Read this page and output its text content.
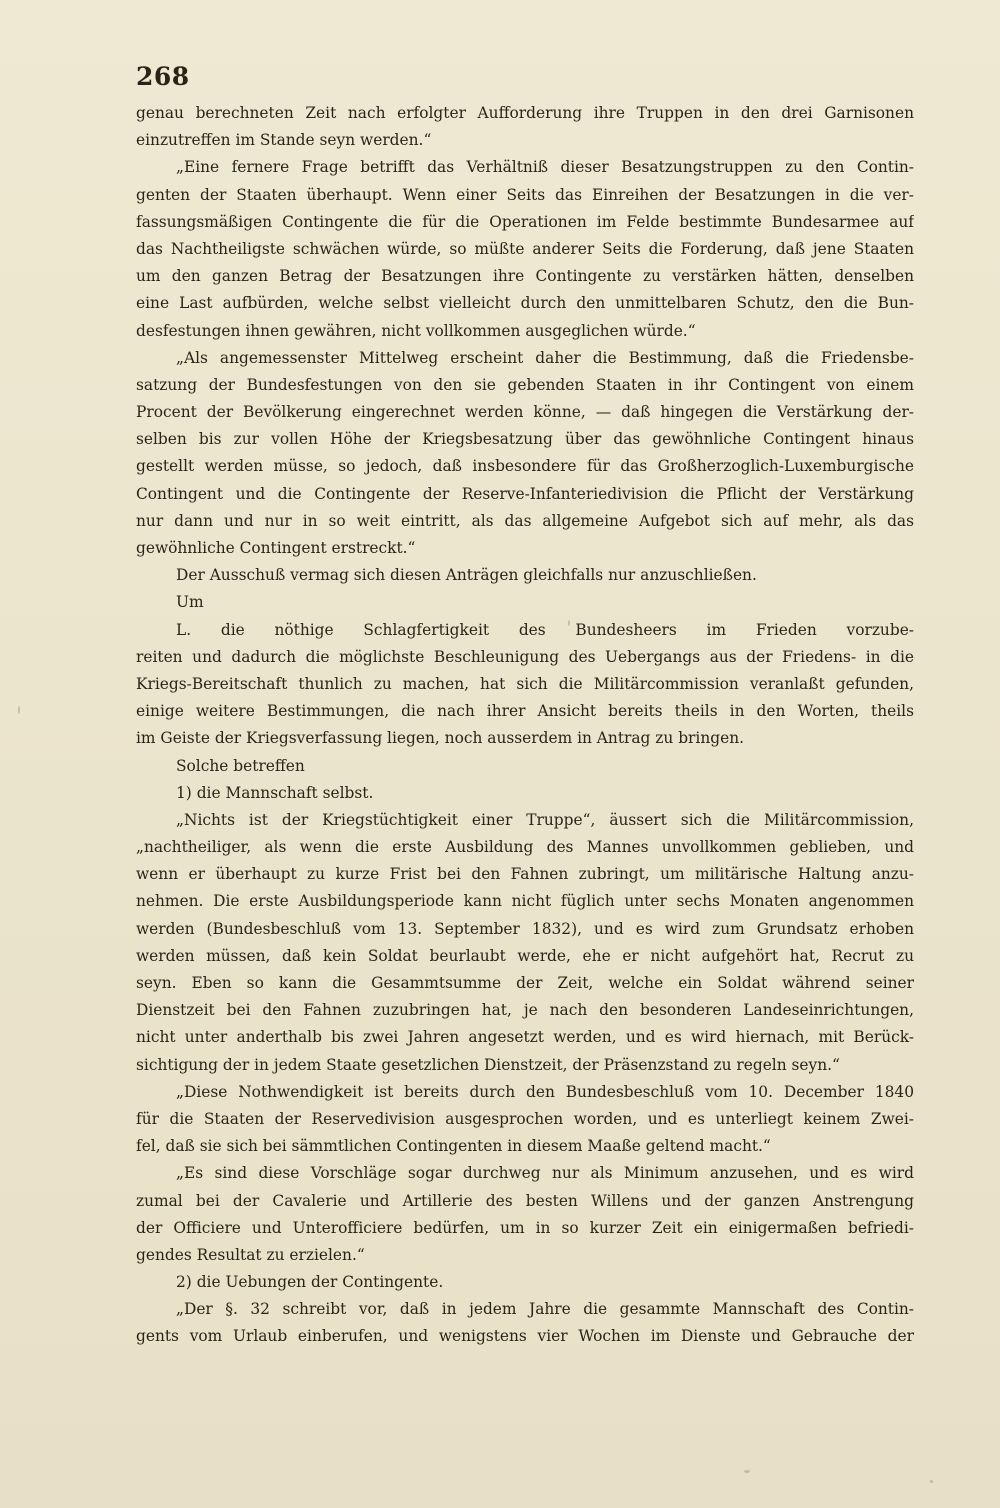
268
genau berechneten Zeit nach erfolgter Aufforderung ihre Truppen in den drei Garnisonen
einzutreffen im Stande seyn werden.“
„Eine fernere Frage betrifft das Verhältniß dieser Besatzungstruppen zu den Contin-
genten der Staaten überhaupt. Wenn einer Seits das Einreihen der Besatzungen in die ver-
fassungsmäßigen Contingente die für die Operationen im Felde bestimmte Bundesarmee auf
das Nachtheiligste schwächen würde, so müßte anderer Seits die Forderung, daß jene Staaten
um den ganzen Betrag der Besatzungen ihre Contingente zu verstärken hätten, denselben
eine Last aufbürden, welche selbst vielleicht durch den unmittelbaren Schutz, den die Bun-
desfestungen ihnen gewähren, nicht vollkommen ausgeglichen würde.“
„Als angemessenster Mittelweg erscheint daher die Bestimmung, daß die Friedensbe-
satzung der Bundesfestungen von den sie gebenden Staaten in ihr Contingent von einem
Procent der Bevölkerung eingerechnet werden könne, — daß hingegen die Verstärkung der-
selben bis zur vollen Höhe der Kriegsbesatzung über das gewöhnliche Contingent hinaus
gestellt werden müsse, so jedoch, daß insbesondere für das Großherzoglich-Luxemburgische
Contingent und die Contingente der Reserve-Infanteriedivision die Pflicht der Verstärkung
nur dann und nur in so weit eintritt, als das allgemeine Aufgebot sich auf mehr, als das
gewöhnliche Contingent erstreckt.“
Der Ausschuß vermag sich diesen Anträgen gleichfalls nur anzuschließen.
Um
L. die nöthige Schlagfertigkeit des Bundesheers im Frieden vorzube-
reiten und dadurch die möglichste Beschleunigung des Uebergangs aus der Friedens- in die
Kriegs-Bereitschaft thunlich zu machen, hat sich die Militärcommission veranlaßt gefunden,
einige weitere Bestimmungen, die nach ihrer Ansicht bereits theils in den Worten, theils
im Geiste der Kriegsverfassung liegen, noch ausserdem in Antrag zu bringen.
Solche betreffen
1) die Mannschaft selbst.
„Nichts ist der Kriegstüchtigkeit einer Truppe“, äussert sich die Militärcommission,
„nachtheiliger, als wenn die erste Ausbildung des Mannes unvollkommen geblieben, und
wenn er überhaupt zu kurze Frist bei den Fahnen zubringt, um militärische Haltung anzu-
nehmen. Die erste Ausbildungsperiode kann nicht füglich unter sechs Monaten angenommen
werden (Bundesbeschluß vom 13. September 1832), und es wird zum Grundsatz erhoben
werden müssen, daß kein Soldat beurlaubt werde, ehe er nicht aufgehört hat, Recrut zu
seyn. Eben so kann die Gesammtsumme der Zeit, welche ein Soldat während seiner
Dienstzeit bei den Fahnen zuzubringen hat, je nach den besonderen Landeseinrichtungen,
nicht unter anderthalb bis zwei Jahren angesetzt werden, und es wird hiernach, mit Berück-
sichtigung der in jedem Staate gesetzlichen Dienstzeit, der Präsenzstand zu regeln seyn.“
„Diese Nothwendigkeit ist bereits durch den Bundesbeschluß vom 10. December 1840
für die Staaten der Reservedivision ausgesprochen worden, und es unterliegt keinem Zwei-
fel, daß sie sich bei sämmtlichen Contingenten in diesem Maaße geltend macht.“
„Es sind diese Vorschläge sogar durchweg nur als Minimum anzusehen, und es wird
zumal bei der Cavalerie und Artillerie des besten Willens und der ganzen Anstrengung
der Officiere und Unterofficiere bedürfen, um in so kurzer Zeit ein einigermaßen befriedi-
gendes Resultat zu erzielen.“
2) die Uebungen der Contingente.
„Der §. 32 schreibt vor, daß in jedem Jahre die gesammte Mannschaft des Contin-
gents vom Urlaub einberufen, und wenigstens vier Wochen im Dienste und Gebrauche der
